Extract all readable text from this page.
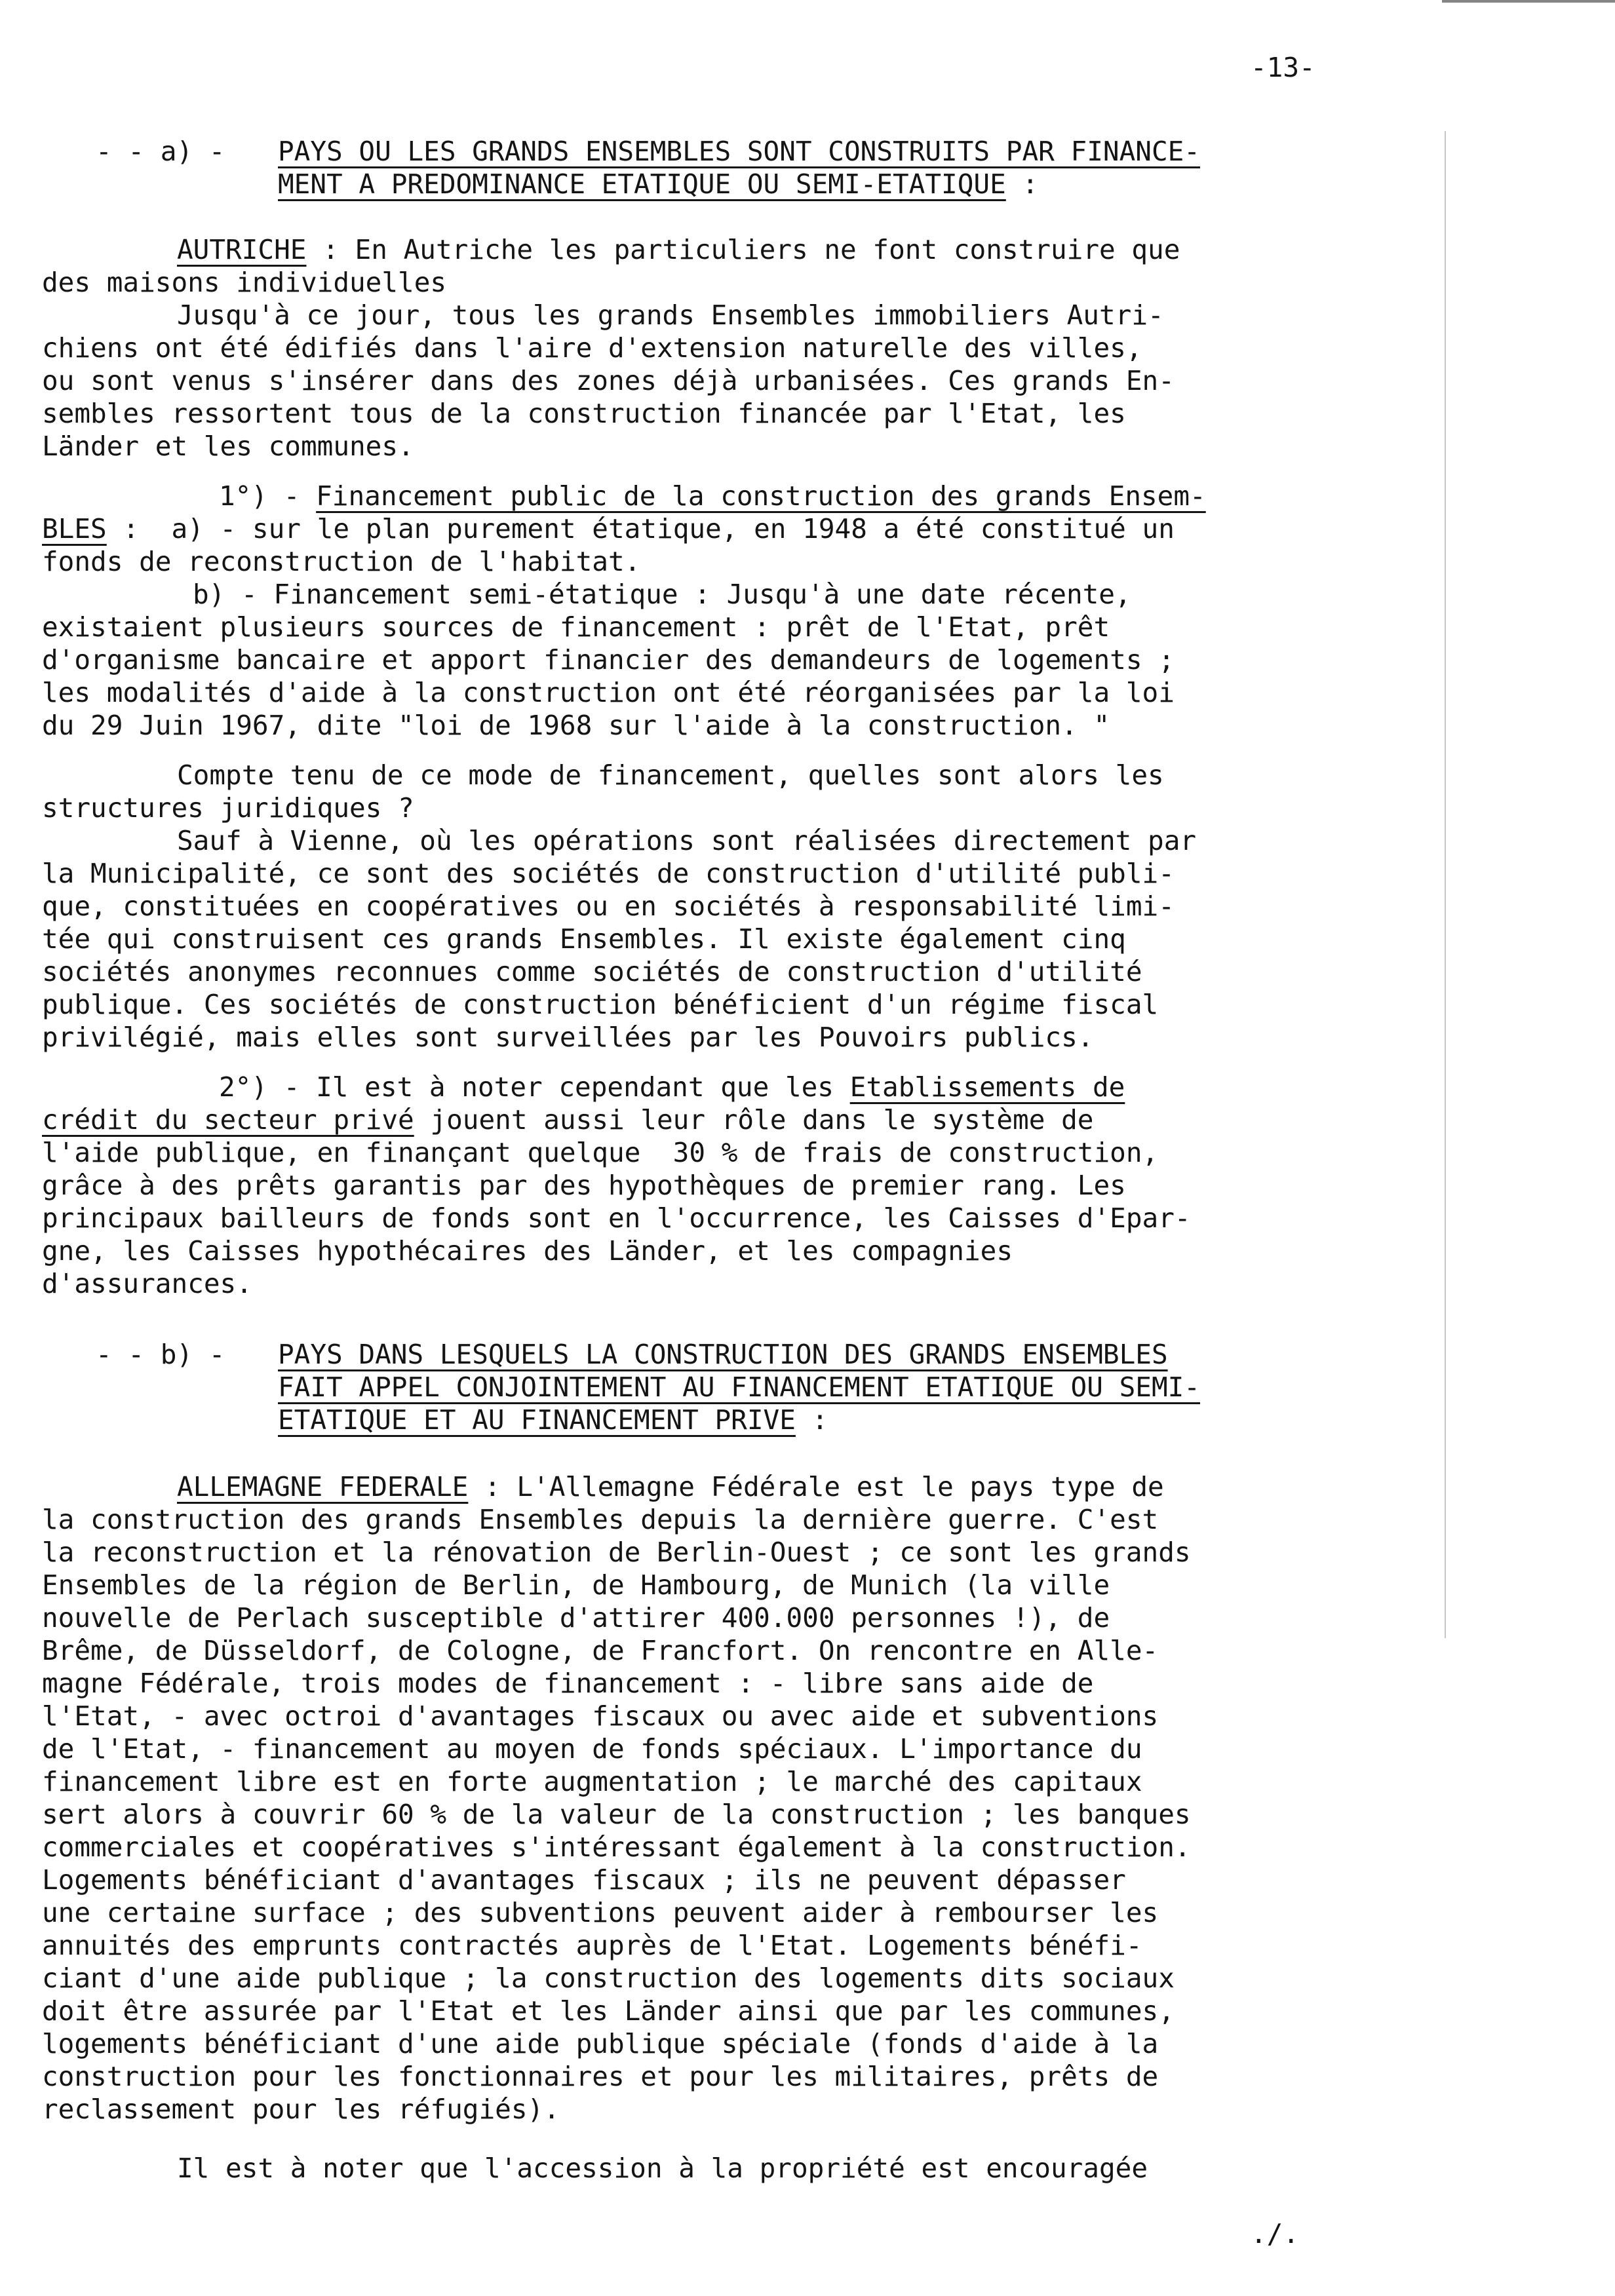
-13-
- - a) - PAYS OU LES GRANDS ENSEMBLES SONT CONSTRUITS PAR FINANCE-
MENT A PREDOMINANCE ETATIQUE OU SEMI-ETATIQUE :
AUTRICHE : En Autriche les particuliers ne font construire que
des maisons individuelles
Jusqu'à ce jour, tous les grands Ensembles immobiliers Autri-
chiens ont été édifiés dans l'aire d'extension naturelle des villes,
ou sont venus s'insérer dans des zones déjà urbanisées. Ces grands En-
sembles ressortent tous de la construction financée par l'Etat, les
Länder et les communes.
1°) - Financement public de la construction des grands Ensem-
BLES :  a) - sur le plan purement étatique, en 1948 a été constitué un
fonds de reconstruction de l'habitat.
b) - Financement semi-étatique : Jusqu'à une date récente,
existaient plusieurs sources de financement : prêt de l'Etat, prêt
d'organisme bancaire et apport financier des demandeurs de logements ;
les modalités d'aide à la construction ont été réorganisées par la loi
du 29 Juin 1967, dite "loi de 1968 sur l'aide à la construction. "
Compte tenu de ce mode de financement, quelles sont alors les
structures juridiques ?
Sauf à Vienne, où les opérations sont réalisées directement par
la Municipalité, ce sont des sociétés de construction d'utilité publi-
que, constituées en coopératives ou en sociétés à responsabilité limi-
tée qui construisent ces grands Ensembles. Il existe également cinq
sociétés anonymes reconnues comme sociétés de construction d'utilité
publique. Ces sociétés de construction bénéficient d'un régime fiscal
privilégié, mais elles sont surveillées par les Pouvoirs publics.
2°) - Il est à noter cependant que les Etablissements de
crédit du secteur privé jouent aussi leur rôle dans le système de
l'aide publique, en finançant quelque  30 % de frais de construction,
grâce à des prêts garantis par des hypothèques de premier rang. Les
principaux bailleurs de fonds sont en l'occurrence, les Caisses d'Epar-
gne, les Caisses hypothécaires des Länder, et les compagnies
d'assurances.
- - b) - PAYS DANS LESQUELS LA CONSTRUCTION DES GRANDS ENSEMBLES
FAIT APPEL CONJOINTEMENT AU FINANCEMENT ETATIQUE OU SEMI-
ETATIQUE ET AU FINANCEMENT PRIVE :
ALLEMAGNE FEDERALE : L'Allemagne Fédérale est le pays type de
la construction des grands Ensembles depuis la dernière guerre. C'est
la reconstruction et la rénovation de Berlin-Ouest ; ce sont les grands
Ensembles de la région de Berlin, de Hambourg, de Munich (la ville
nouvelle de Perlach susceptible d'attirer 400.000 personnes !), de
Brême, de Düsseldorf, de Cologne, de Francfort. On rencontre en Alle-
magne Fédérale, trois modes de financement : - libre sans aide de
l'Etat, - avec octroi d'avantages fiscaux ou avec aide et subventions
de l'Etat, - financement au moyen de fonds spéciaux. L'importance du
financement libre est en forte augmentation ; le marché des capitaux
sert alors à couvrir 60 % de la valeur de la construction ; les banques
commerciales et coopératives s'intéressant également à la construction.
Logements bénéficiant d'avantages fiscaux ; ils ne peuvent dépasser
une certaine surface ; des subventions peuvent aider à rembourser les
annuités des emprunts contractés auprès de l'Etat. Logements bénéfi-
ciant d'une aide publique ; la construction des logements dits sociaux
doit être assurée par l'Etat et les Länder ainsi que par les communes,
logements bénéficiant d'une aide publique spéciale (fonds d'aide à la
construction pour les fonctionnaires et pour les militaires, prêts de
reclassement pour les réfugiés).
Il est à noter que l'accession à la propriété est encouragée
./.
